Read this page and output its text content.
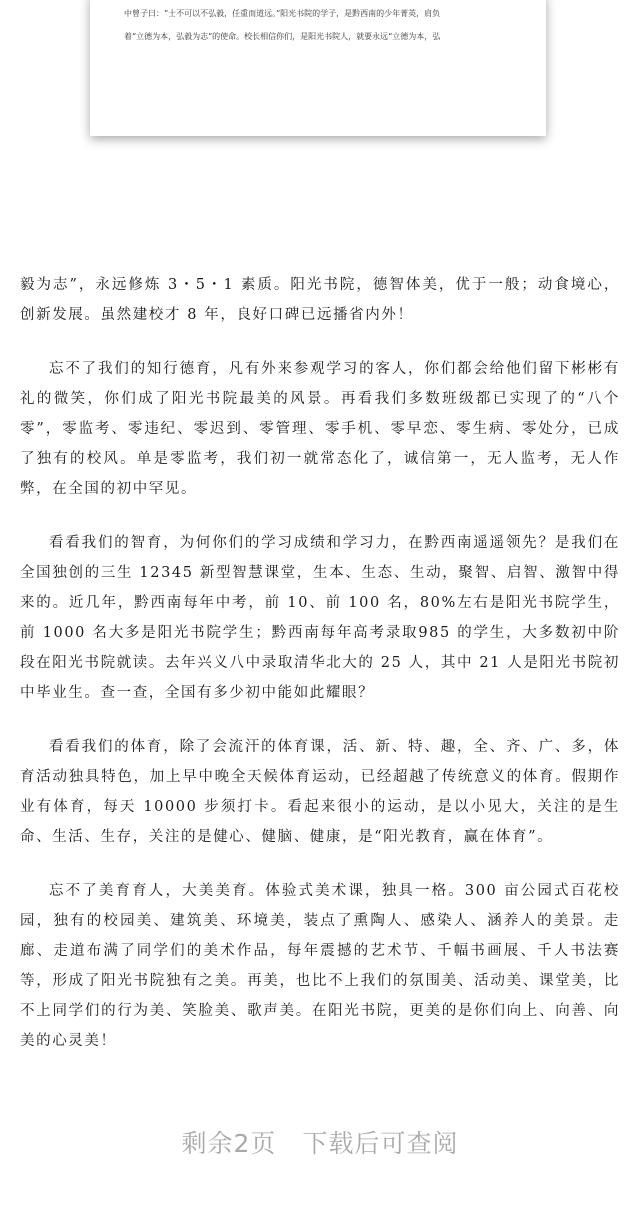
中曾子曰：“士不可以不弘毅，任重而道远。”阳光书院的学子，是黔西南的少年菁英，肩负
着“立德为本，弘毅为志”的使命。校长相信你们，是阳光书院人，就要永远“立德为本，弘

毅为志”，永远修炼 3・5・1 素质。阳光书院，德智体美，优于一般；动食境心，创新发展。虽然建校才 8 年，良好口碑已远播省内外！

忘不了我们的知行德育，凡有外来参观学习的客人，你们都会给他们留下彬彬有礼的微笑，你们成了阳光书院最美的风景。再看我们多数班级都已实现了的“八个零”，零监考、零违纪、零迟到、零管理、零手机、零早恋、零生病、零处分，已成了独有的校风。单是零监考，我们初一就常态化了，诚信第一，无人监考，无人作弊，在全国的初中罕见。

看看我们的智育，为何你们的学习成绩和学习力，在黔西南遥遥领先？是我们在全国独创的三生 12345 新型智慧课堂，生本、生态、生动，聚智、启智、激智中得来的。近几年，黔西南每年中考，前 10、前 100 名，80%左右是阳光书院学生，前 1000 名大多是阳光书院学生；黔西南每年高考录取985 的学生，大多数初中阶段在阳光书院就读。去年兴义八中录取清华北大的 25 人，其中 21 人是阳光书院初中毕业生。查一查，全国有多少初中能如此耀眼？

看看我们的体育，除了会流汗的体育课，活、新、特、趣，全、齐、广、多，体育活动独具特色，加上早中晚全天候体育运动，已经超越了传统意义的体育。假期作业有体育，每天 10000 步须打卡。看起来很小的运动，是以小见大，关注的是生命、生活、生存，关注的是健心、健脑、健康，是“阳光教育，赢在体育”。

忘不了美育育人，大美美育。体验式美术课，独具一格。300 亩公园式百花校园，独有的校园美、建筑美、环境美，装点了熏陶人、感染人、涵养人的美景。走廊、走道布满了同学们的美术作品，每年震撼的艺术节、千幅书画展、千人书法赛等，形成了阳光书院独有之美。再美，也比不上我们的氛围美、活动美、课堂美，比不上同学们的行为美、笑脸美、歌声美。在阳光书院，更美的是你们向上、向善、向美的心灵美！

剩余2页 下载后可查阅
